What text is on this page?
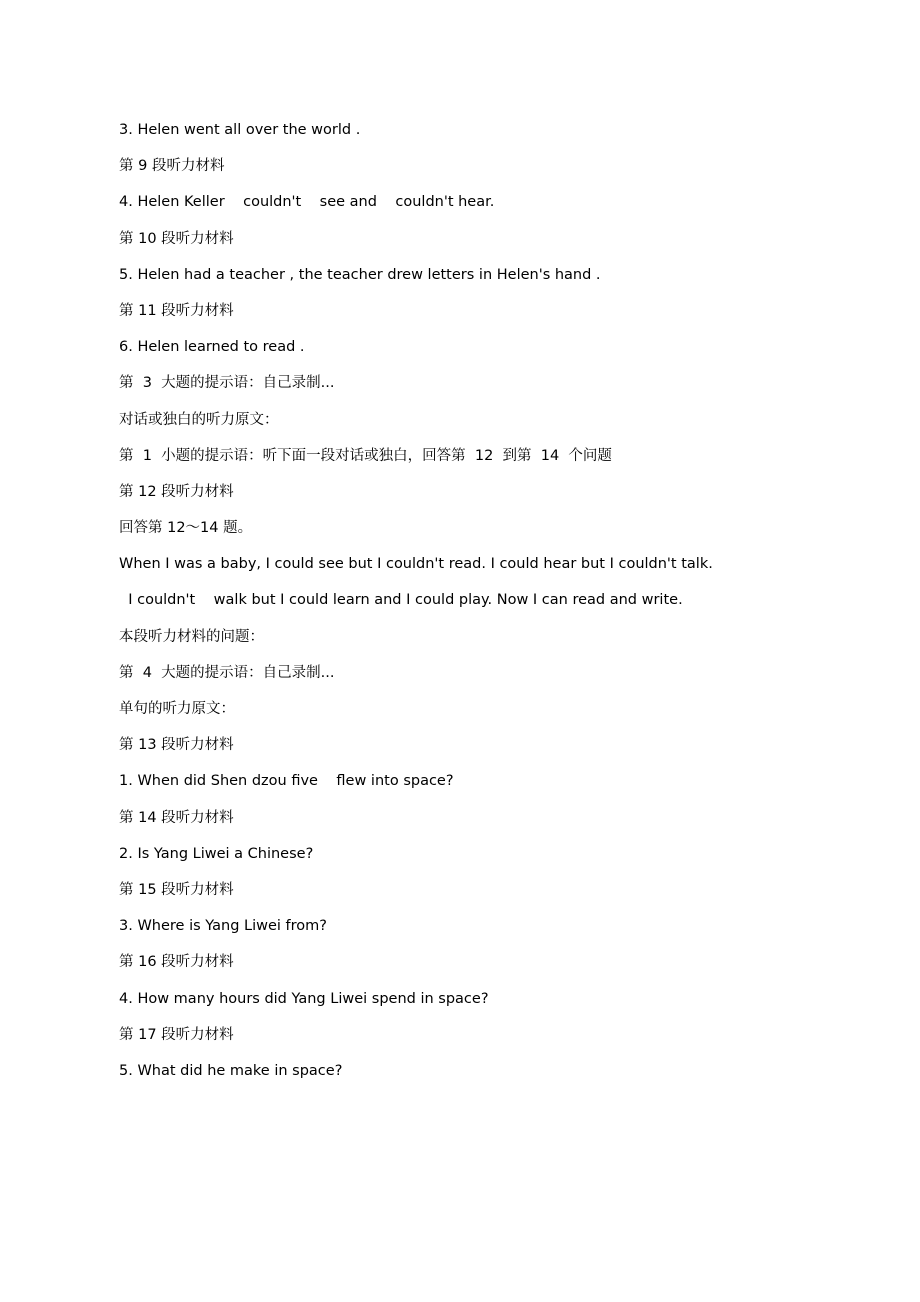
3. Helen went all over the world .

第 9 段听力材料

4. Helen Keller    couldn't    see and    couldn't hear.

第 10 段听力材料

5. Helen had a teacher , the teacher drew letters in Helen's hand .

第 11 段听力材料

6. Helen learned to read .

第  3  大题的提示语：自己录制...

对话或独白的听力原文：

第  1  小题的提示语：听下面一段对话或独白，回答第  12  到第  14  个问题

第 12 段听力材料

回答第 12～14 题。

When I was a baby, I could see but I couldn't read. I could hear but I couldn't talk.

I couldn't    walk but I could learn and I could play. Now I can read and write.

本段听力材料的问题：

第  4  大题的提示语：自己录制...

单句的听力原文：

第 13 段听力材料

1. When did Shen dzou five    flew into space?

第 14 段听力材料

2. Is Yang Liwei a Chinese?

第 15 段听力材料

3. Where is Yang Liwei from?

第 16 段听力材料

4. How many hours did Yang Liwei spend in space?

第 17 段听力材料

5. What did he make in space?
